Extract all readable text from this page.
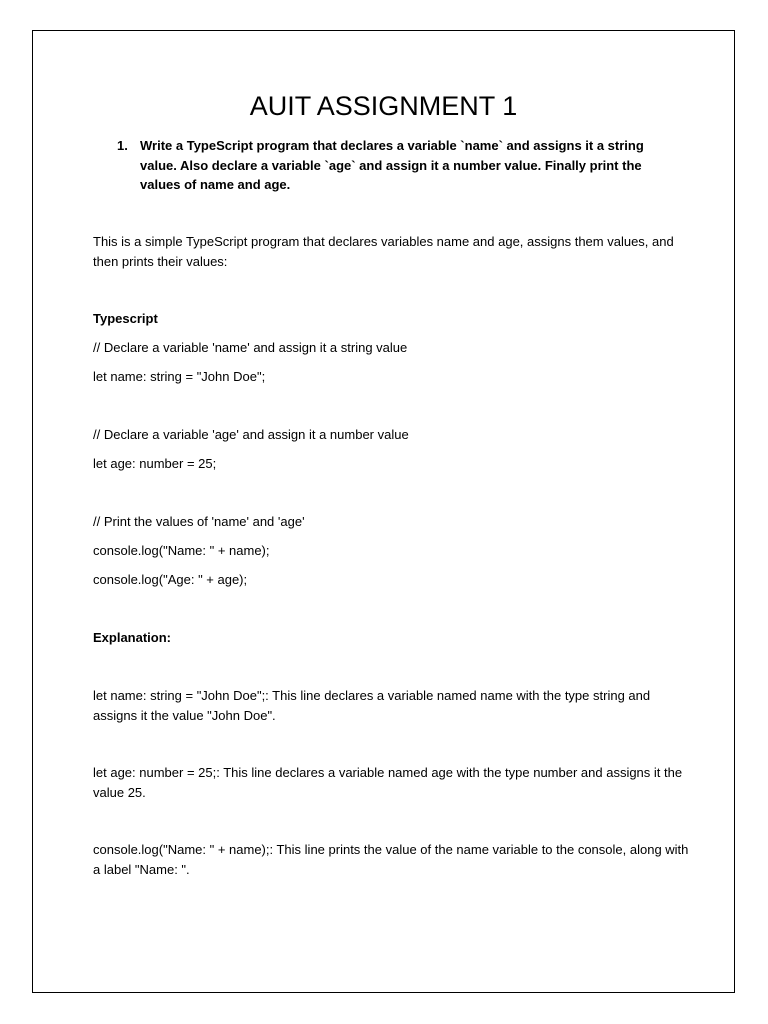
AUIT ASSIGNMENT 1
1. Write a TypeScript program that declares a variable `name` and assigns it a string value. Also declare a variable `age` and assign it a number value. Finally print the values of name and age.

This is a simple TypeScript program that declares variables name and age, assigns them values, and then prints their values:

Typescript

// Declare a variable 'name' and assign it a string value

let name: string = "John Doe";

// Declare a variable 'age' and assign it a number value

let age: number = 25;

// Print the values of 'name' and 'age'

console.log("Name: " + name);

console.log("Age: " + age);

Explanation:

let name: string = "John Doe";: This line declares a variable named name with the type string and assigns it the value "John Doe".

let age: number = 25;: This line declares a variable named age with the type number and assigns it the value 25.

console.log("Name: " + name);: This line prints the value of the name variable to the console, along with a label "Name: ".
